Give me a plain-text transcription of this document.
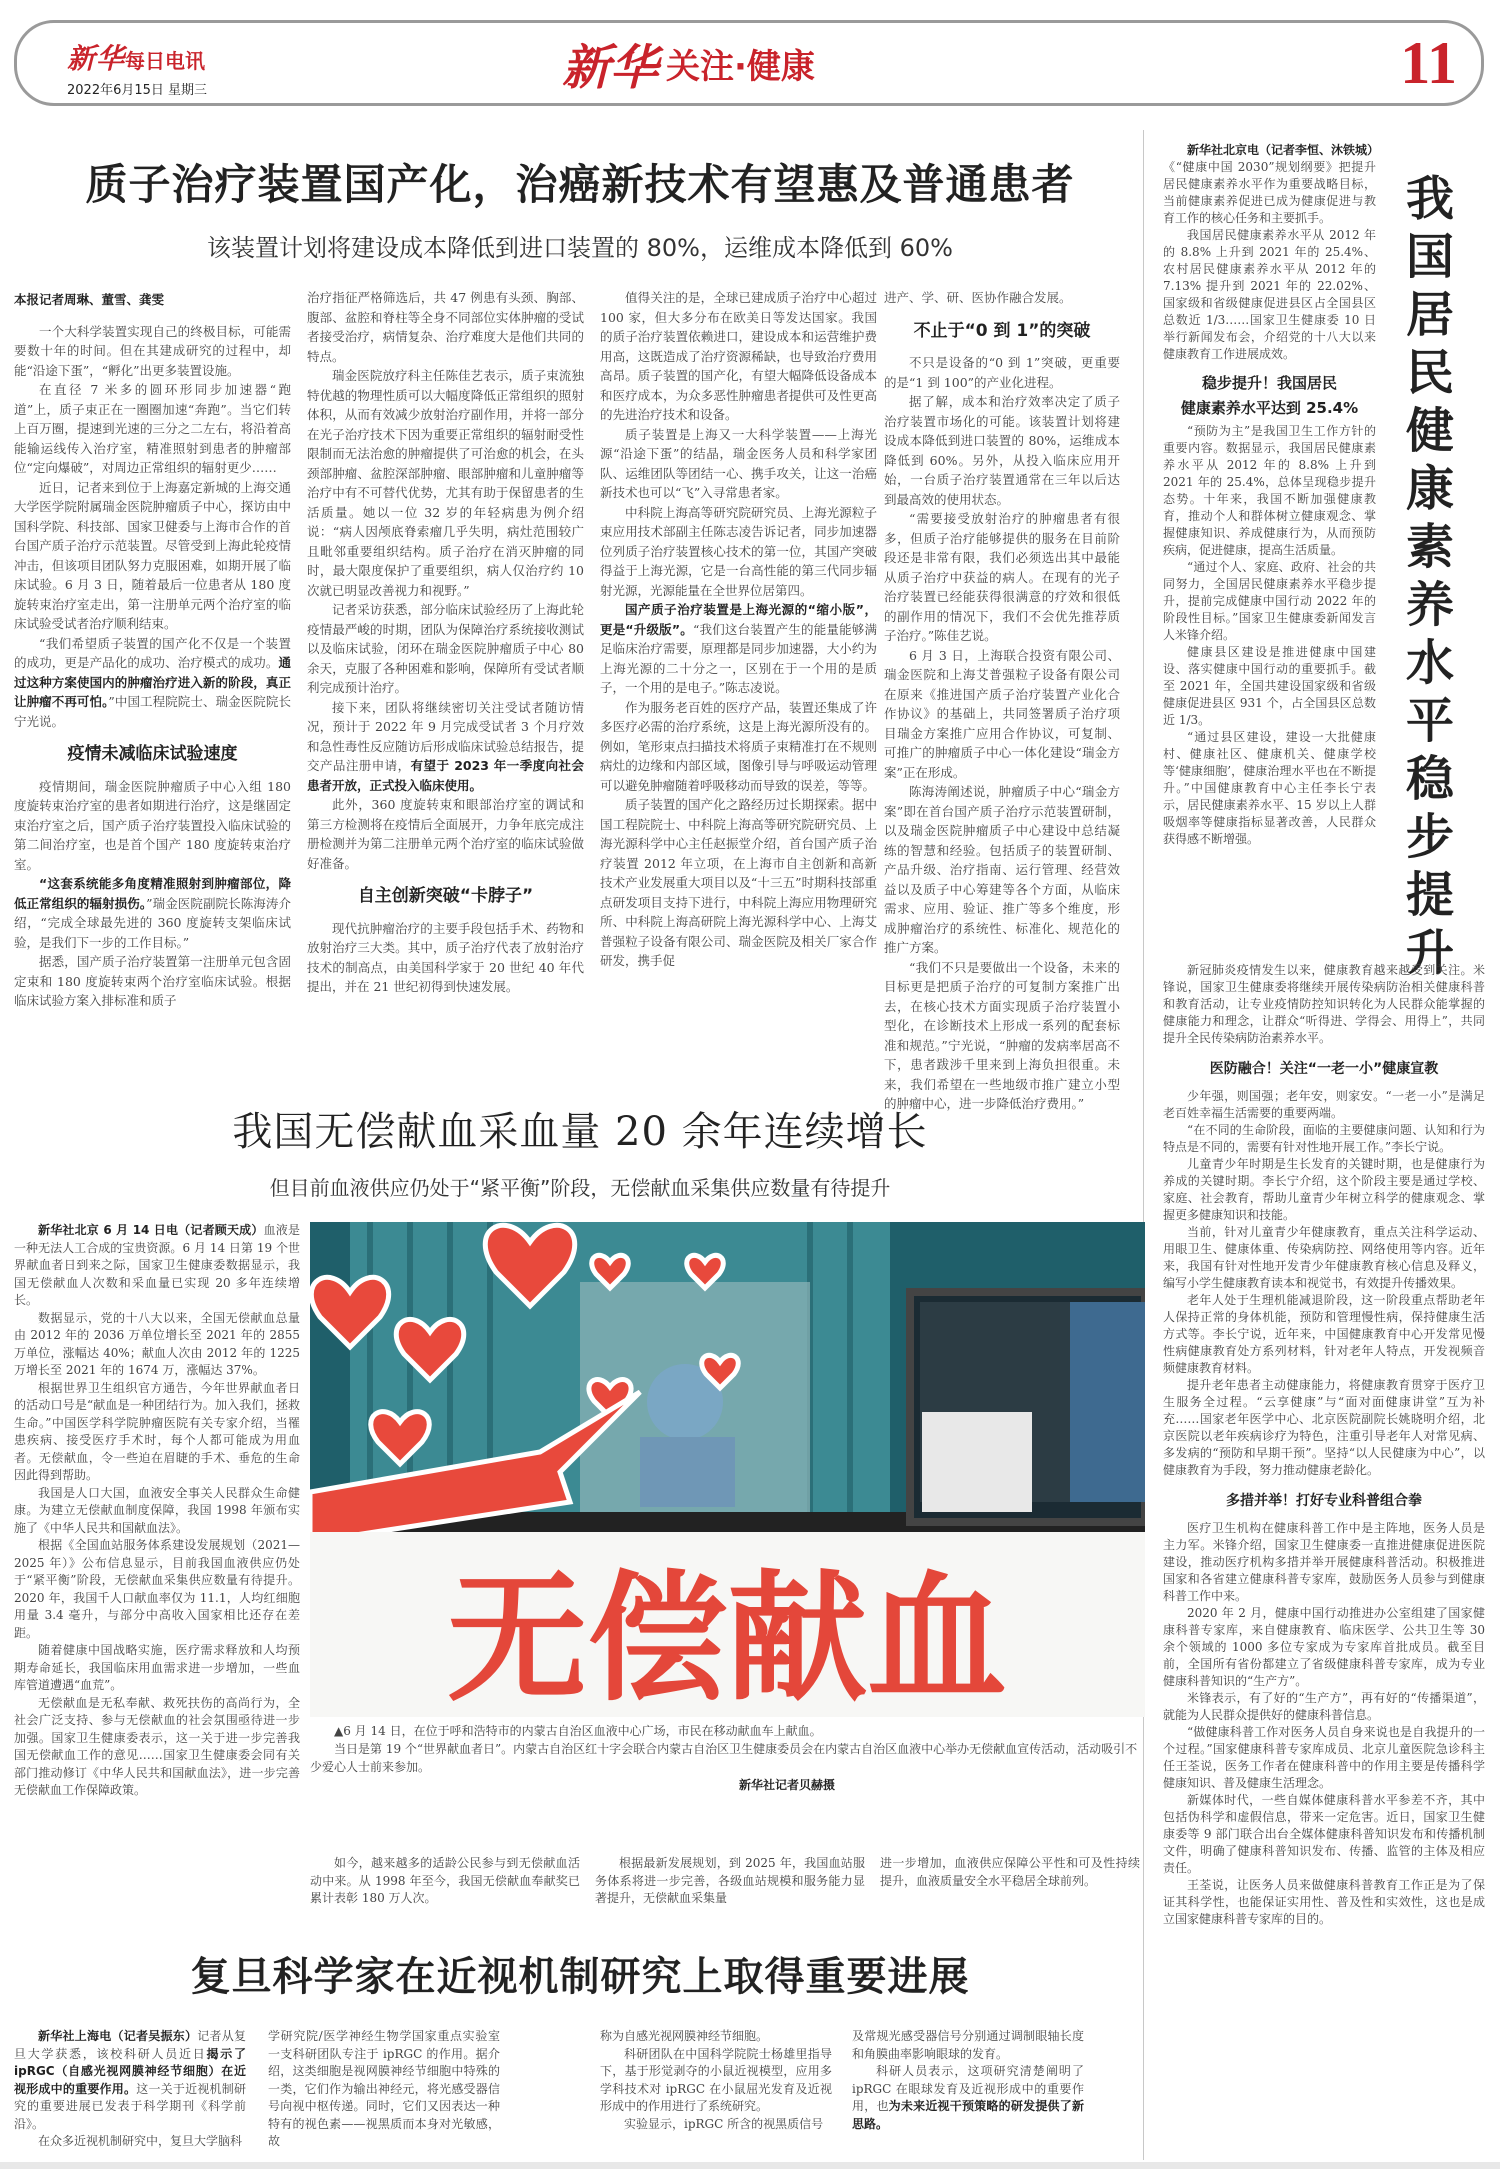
新华每日电讯
2022年6月15日 星期三	新华 关注·健康	11
质子治疗装置国产化，治癌新技术有望惠及普通患者
该装置计划将建设成本降低到进口装置的 80%，运维成本降低到 60%
本报记者周琳、董雪、龚雯

一个大科学装置实现自己的终极目标，可能需要数十年的时间。但在其建成研究的过程中，却能“沿途下蛋”，“孵化”出更多装置设施。

在直径 7 米多的圆环形同步加速器“跑道”上，质子束正在一圈圈加速“奔跑”。当它们转上百万圈，提速到光速的三分之二左右，将沿着高能输运线传入治疗室，精准照射到患者的肿瘤部位“定向爆破”，对周边正常组织的辐射更少……

近日，记者来到位于上海嘉定新城的上海交通大学医学院附属瑞金医院肿瘤质子中心，探访由中国科学院、科技部、国家卫健委与上海市合作的首台国产质子治疗示范装置。尽管受到上海此轮疫情冲击，但该项目团队努力克服困难，如期开展了临床试验。6 月 3 日，随着最后一位患者从 180 度旋转束治疗室走出，第一注册单元两个治疗室的临床试验受试者治疗顺利结束。

“我们希望质子装置的国产化不仅是一个装置的成功，更是产品化的成功、治疗模式的成功。通过这种方案使国内的肿瘤治疗进入新的阶段，真正让肿瘤不再可怕。”中国工程院院士、瑞金医院院长宁光说。

疫情未减临床试验速度

疫情期间，瑞金医院肿瘤质子中心入组 180 度旋转束治疗室的患者如期进行治疗，这是继固定束治疗室之后，国产质子治疗装置投入临床试验的第二间治疗室，也是首个国产 180 度旋转束治疗室。

“这套系统能多角度精准照射到肿瘤部位，降低正常组织的辐射损伤。”瑞金医院副院长陈海涛介绍，“完成全球最先进的 360 度旋转支架临床试验，是我们下一步的工作目标。”

据悉，国产质子治疗装置第一注册单元包含固定束和 180 度旋转束两个治疗室临床试验。根据临床试验方案入排标准和质子

治疗指征严格筛选后，共 47 例患有头颈、胸部、腹部、盆腔和脊柱等全身不同部位实体肿瘤的受试者接受治疗，病情复杂、治疗难度大是他们共同的特点。

瑞金医院放疗科主任陈佳艺表示，质子束流独特优越的物理性质可以大幅度降低正常组织的照射体积，从而有效减少放射治疗副作用，并将一部分在光子治疗技术下因为重要正常组织的辐射耐受性限制而无法治愈的肿瘤提供了可治愈的机会，在头颈部肿瘤、盆腔深部肿瘤、眼部肿瘤和儿童肿瘤等治疗中有不可替代优势，尤其有助于保留患者的生活质量。她以一位 32 岁的年轻病患为例介绍说：“病人因颅底脊索瘤几乎失明，病灶范围较广且毗邻重要组织结构。质子治疗在消灭肿瘤的同时，最大限度保护了重要组织，病人仅治疗约 10 次就已明显改善视力和视野。”

记者采访获悉，部分临床试验经历了上海此轮疫情最严峻的时期，团队为保障治疗系统接收测试以及临床试验，闭环在瑞金医院肿瘤质子中心 80 余天，克服了各种困难和影响，保障所有受试者顺利完成预计治疗。

接下来，团队将继续密切关注受试者随访情况，预计于 2022 年 9 月完成受试者 3 个月疗效和急性毒性反应随访后形成临床试验总结报告，提交产品注册申请，有望于 2023 年一季度向社会患者开放，正式投入临床使用。

此外，360 度旋转束和眼部治疗室的调试和第三方检测将在疫情后全面展开，力争年底完成注册检测并为第二注册单元两个治疗室的临床试验做好准备。

自主创新突破“卡脖子”

现代抗肿瘤治疗的主要手段包括手术、药物和放射治疗三大类。其中，质子治疗代表了放射治疗技术的制高点，由美国科学家于 20 世纪 40 年代提出，并在 21 世纪初得到快速发展。

值得关注的是，全球已建成质子治疗中心超过 100 家，但大多分布在欧美日等发达国家。我国的质子治疗装置依赖进口，建设成本和运营维护费用高，这既造成了治疗资源稀缺，也导致治疗费用高昂。质子装置的国产化，有望大幅降低设备成本和医疗成本，为众多恶性肿瘤患者提供可及性更高的先进治疗技术和设备。

质子装置是上海又一大科学装置——上海光源“沿途下蛋”的结晶，瑞金医务人员和科学家团队、运维团队等团结一心、携手攻关，让这一治癌新技术也可以“飞”入寻常患者家。

中科院上海高等研究院研究员、上海光源粒子束应用技术部副主任陈志凌告诉记者，同步加速器位列质子治疗装置核心技术的第一位，其国产突破得益于上海光源，它是一台高性能的第三代同步辐射光源，光源能量在全世界位居第四。

国产质子治疗装置是上海光源的“缩小版”，更是“升级版”。“我们这台装置产生的能量能够满足临床治疗需要，原理都是同步加速器，大小约为上海光源的二十分之一，区别在于一个用的是质子，一个用的是电子。”陈志凌说。

作为服务老百姓的医疗产品，装置还集成了许多医疗必需的治疗系统，这是上海光源所没有的。例如，笔形束点扫描技术将质子束精准打在不规则病灶的边缘和内部区域，图像引导与呼吸运动管理可以避免肿瘤随着呼吸移动而导致的误差，等等。

质子装置的国产化之路经历过长期探索。据中国工程院院士、中科院上海高等研究院研究员、上海光源科学中心主任赵振堂介绍，首台国产质子治疗装置 2012 年立项，在上海市自主创新和高新技术产业发展重大项目以及“十三五”时期科技部重点研发项目支持下进行，中科院上海应用物理研究所、中科院上海高研院上海光源科学中心、上海艾普强粒子设备有限公司、瑞金医院及相关厂家合作研发，携手促

进产、学、研、医协作融合发展。

不止于“0 到 1”的突破

不只是设备的“0 到 1”突破，更重要的是“1 到 100”的产业化进程。

据了解，成本和治疗效率决定了质子治疗装置市场化的可能。该装置计划将建设成本降低到进口装置的 80%，运维成本降低到 60%。另外，从投入临床应用开始，一台质子治疗装置通常在三年以后达到最高效的使用状态。

“需要接受放射治疗的肿瘤患者有很多，但质子治疗能够提供的服务在目前阶段还是非常有限，我们必须选出其中最能从质子治疗中获益的病人。在现有的光子治疗装置已经能获得很满意的疗效和很低的副作用的情况下，我们不会优先推荐质子治疗。”陈佳艺说。

6 月 3 日，上海联合投资有限公司、瑞金医院和上海艾普强粒子设备有限公司在原来《推进国产质子治疗装置产业化合作协议》的基础上，共同签署质子治疗项目瑞金方案推广应用合作协议，可复制、可推广的肿瘤质子中心一体化建设“瑞金方案”正在形成。

陈海涛阐述说，肿瘤质子中心“瑞金方案”即在首台国产质子治疗示范装置研制，以及瑞金医院肿瘤质子中心建设中总结凝练的智慧和经验。包括质子的装置研制、产品升级、治疗指南、运行管理、经营效益以及质子中心筹建等各个方面，从临床需求、应用、验证、推广等多个维度，形成肿瘤治疗的系统性、标准化、规范化的推广方案。

“我们不只是要做出一个设备，未来的目标更是把质子治疗的可复制方案推广出去，在核心技术方面实现质子治疗装置小型化，在诊断技术上形成一系列的配套标准和规范。”宁光说，“肿瘤的发病率居高不下，患者跋涉千里来到上海负担很重。未来，我们希望在一些地级市推广建立小型的肿瘤中心，进一步降低治疗费用。”

我
国
居
民
健
康
素
养
水
平
稳
步
提
升

新华社北京电（记者李恒、沐铁城）《“健康中国 2030”规划纲要》把提升居民健康素养水平作为重要战略目标，当前健康素养促进已成为健康促进与教育工作的核心任务和主要抓手。

我国居民健康素养水平从 2012 年的 8.8% 上升到 2021 年的 25.4%、农村居民健康素养水平从 2012 年的 7.13% 提升到 2021 年的 22.02%、国家级和省级健康促进县区占全国县区总数近 1/3……国家卫生健康委 10 日举行新闻发布会，介绍党的十八大以来健康教育工作进展成效。

稳步提升！我国居民
健康素养水平达到 25.4%

“预防为主”是我国卫生工作方针的重要内容。数据显示，我国居民健康素养水平从 2012 年的 8.8% 上升到 2021 年的 25.4%，总体呈现稳步提升态势。十年来，我国不断加强健康教育，推动个人和群体树立健康观念、掌握健康知识、养成健康行为，从而预防疾病，促进健康，提高生活质量。

“通过个人、家庭、政府、社会的共同努力，全国居民健康素养水平稳步提升，提前完成健康中国行动 2022 年的阶段性目标。”国家卫生健康委新闻发言人米锋介绍。

健康县区建设是推进健康中国建设、落实健康中国行动的重要抓手。截至 2021 年，全国共建设国家级和省级健康促进县区 931 个，占全国县区总数近 1/3。

“通过县区建设，建设一大批健康村、健康社区、健康机关、健康学校等‘健康细胞’，健康治理水平也在不断提升。”中国健康教育中心主任李长宁表示，居民健康素养水平、15 岁以上人群吸烟率等健康指标显著改善，人民群众获得感不断增强。

新冠肺炎疫情发生以来，健康教育越来越受到关注。米锋说，国家卫生健康委将继续开展传染病防治相关健康科普和教育活动，让专业疫情防控知识转化为人民群众能掌握的健康能力和理念，让群众“听得进、学得会、用得上”，共同提升全民传染病防治素养水平。

医防融合！关注“一老一小”健康宣教

少年强，则国强；老年安，则家安。“一老一小”是满足老百姓幸福生活需要的重要两端。

“在不同的生命阶段，面临的主要健康问题、认知和行为特点是不同的，需要有针对性地开展工作。”李长宁说。

儿童青少年时期是生长发育的关键时期，也是健康行为养成的关键时期。李长宁介绍，这个阶段主要是通过学校、家庭、社会教育，帮助儿童青少年树立科学的健康观念、掌握更多健康知识和技能。

当前，针对儿童青少年健康教育，重点关注科学运动、用眼卫生、健康体重、传染病防控、网络使用等内容。近年来，我国有针对性地开发青少年健康教育核心信息及释义，编写小学生健康教育读本和视觉书，有效提升传播效果。

老年人处于生理机能减退阶段，这一阶段重点帮助老年人保持正常的身体机能，预防和管理慢性病，保持健康生活方式等。李长宁说，近年来，中国健康教育中心开发常见慢性病健康教育处方系列材料，针对老年人特点，开发视频音频健康教育材料。

提升老年患者主动健康能力，将健康教育贯穿于医疗卫生服务全过程。“云享健康”与“面对面健康讲堂”互为补充……国家老年医学中心、北京医院副院长姚晓明介绍，北京医院以老年疾病诊疗为特色，注重引导老年人对常见病、多发病的“预防和早期干预”。坚持“以人民健康为中心”，以健康教育为手段，努力推动健康老龄化。

多措并举！打好专业科普组合拳

医疗卫生机构在健康科普工作中是主阵地，医务人员是主力军。米锋介绍，国家卫生健康委一直推进健康促进医院建设，推动医疗机构多措并举开展健康科普活动。积极推进国家和各省建立健康科普专家库，鼓励医务人员参与到健康科普工作中来。

2020 年 2 月，健康中国行动推进办公室组建了国家健康科普专家库，来自健康教育、临床医学、公共卫生等 30 余个领域的 1000 多位专家成为专家库首批成员。截至目前，全国所有省份都建立了省级健康科普专家库，成为专业健康科普知识的“生产方”。

米锋表示，有了好的“生产方”，再有好的“传播渠道”，就能为人民群众提供好的健康科普信息。

“做健康科普工作对医务人员自身来说也是自我提升的一个过程。”国家健康科普专家库成员、北京儿童医院急诊科主任王荃说，医务工作者在健康科普中的作用主要是传播科学健康知识、普及健康生活理念。

新媒体时代，一些自媒体健康科普水平参差不齐，其中包括伪科学和虚假信息，带来一定危害。近日，国家卫生健康委等 9 部门联合出台全媒体健康科普知识发布和传播机制文件，明确了健康科普知识发布、传播、监管的主体及相应责任。

王荃说，让医务人员来做健康科普教育工作正是为了保证其科学性，也能保证实用性、普及性和实效性，这也是成立国家健康科普专家库的目的。

我国无偿献血采血量 20 余年连续增长
但目前血液供应仍处于“紧平衡”阶段，无偿献血采集供应数量有待提升

新华社北京 6 月 14 日电（记者顾天成）血液是一种无法人工合成的宝贵资源。6 月 14 日第 19 个世界献血者日到来之际，国家卫生健康委数据显示，我国无偿献血人次数和采血量已实现 20 多年连续增长。

数据显示，党的十八大以来，全国无偿献血总量由 2012 年的 2036 万单位增长至 2021 年的 2855 万单位，涨幅达 40%；献血人次由 2012 年的 1225 万增长至 2021 年的 1674 万，涨幅达 37%。

根据世界卫生组织官方通告，今年世界献血者日的活动口号是“献血是一种团结行为。加入我们，拯救生命。”中国医学科学院肿瘤医院有关专家介绍，当罹患疾病、接受医疗手术时，每个人都可能成为用血者。无偿献血，令一些迫在眉睫的手术、垂危的生命因此得到帮助。

我国是人口大国，血液安全事关人民群众生命健康。为建立无偿献血制度保障，我国 1998 年颁布实施了《中华人民共和国献血法》。

根据《全国血站服务体系建设发展规划（2021—2025 年）》公布信息显示，目前我国血液供应仍处于“紧平衡”阶段，无偿献血采集供应数量有待提升。2020 年，我国千人口献血率仅为 11.1，人均红细胞用量 3.4 毫升，与部分中高收入国家相比还存在差距。

随着健康中国战略实施，医疗需求释放和人均预期寿命延长，我国临床用血需求进一步增加，一些血库管道遭遇“血荒”。

无偿献血是无私奉献、救死扶伤的高尚行为，全社会广泛支持、参与无偿献血的社会氛围亟待进一步加强。国家卫生健康委表示，这一关于进一步完善我国无偿献血工作的意见……国家卫生健康委会同有关部门推动修订《中华人民共和国献血法》，进一步完善无偿献血工作保障政策。

无偿献血

▲6 月 14 日，在位于呼和浩特市的内蒙古自治区血液中心广场，市民在移动献血车上献血。

当日是第 19 个“世界献血者日”。内蒙古自治区红十字会联合内蒙古自治区卫生健康委员会在内蒙古自治区血液中心举办无偿献血宣传活动，活动吸引不少爱心人士前来参加。

新华社记者贝赫摄

如今，越来越多的适龄公民参与到无偿献血活动中来。从 1998 年至今，我国无偿献血奉献奖已累计表彰 180 万人次。

根据最新发展规划，到 2025 年，我国血站服务体系将进一步完善，各级血站规模和服务能力显著提升，无偿献血采集量

进一步增加，血液供应保障公平性和可及性持续提升，血液质量安全水平稳居全球前列。

复旦科学家在近视机制研究上取得重要进展

新华社上海电（记者吴振东）记者从复旦大学获悉，该校科研人员近日揭示了 ipRGC（自感光视网膜神经节细胞）在近视形成中的重要作用。这一关于近视机制研究的重要进展已发表于科学期刊《科学前沿》。

在众多近视机制研究中，复旦大学脑科

学研究院/医学神经生物学国家重点实验室一支科研团队专注于 ipRGC 的作用。据介绍，这类细胞是视网膜神经节细胞中特殊的一类，它们作为输出神经元，将光感受器信号向视中枢传递。同时，它们又因表达一种特有的视色素——视黑质而本身对光敏感，故

称为自感光视网膜神经节细胞。

科研团队在中国科学院院士杨雄里指导下，基于形觉剥夺的小鼠近视模型，应用多学科技术对 ipRGC 在小鼠屈光发育及近视形成中的作用进行了系统研究。

实验显示，ipRGC 所含的视黑质信号

及常规光感受器信号分别通过调制眼轴长度和角膜曲率影响眼球的发育。

科研人员表示，这项研究清楚阐明了 ipRGC 在眼球发育及近视形成中的重要作用，也为未来近视干预策略的研发提供了新思路。
